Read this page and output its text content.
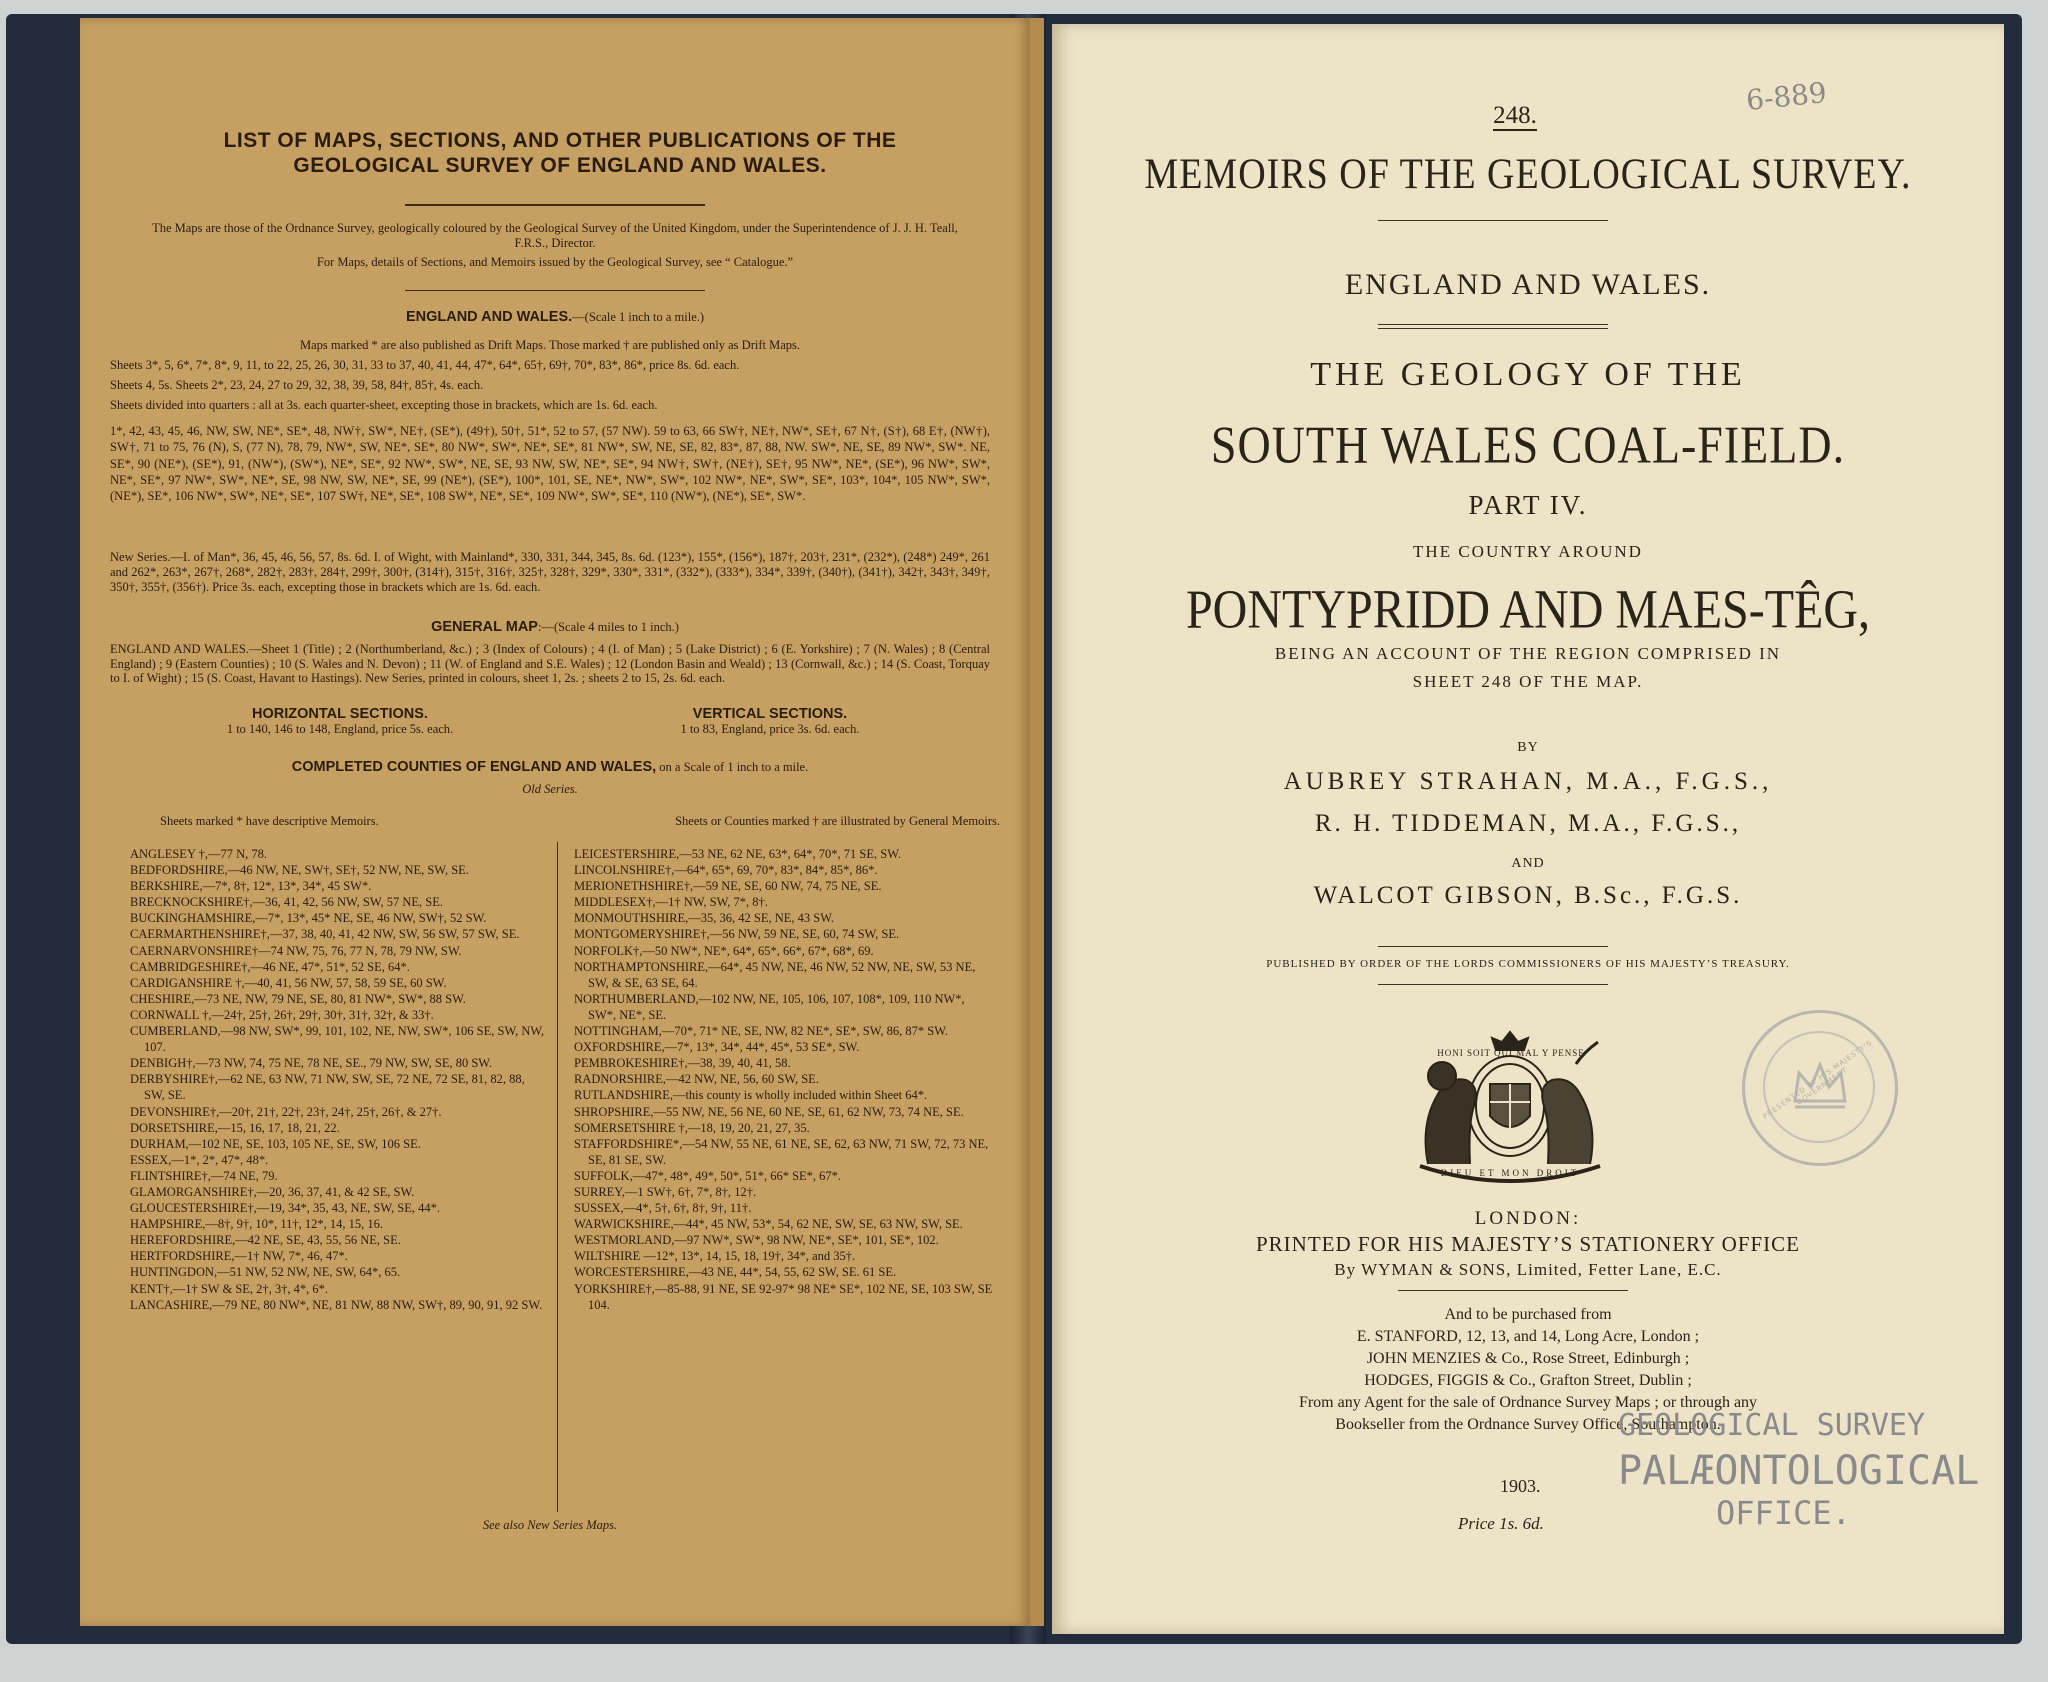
LIST OF MAPS, SECTIONS, AND OTHER PUBLICATIONS OF THE
GEOLOGICAL SURVEY OF ENGLAND AND WALES.
The Maps are those of the Ordnance Survey, geologically coloured by the Geological Survey of the United Kingdom, under the Superintendence of J. J. H. Teall, F.R.S., Director.
For Maps, details of Sections, and Memoirs issued by the Geological Survey, see “ Catalogue.”
ENGLAND AND WALES.—(Scale 1 inch to a mile.)
Maps marked * are also published as Drift Maps. Those marked † are published only as Drift Maps.
Sheets 3*, 5, 6*, 7*, 8*, 9, 11, to 22, 25, 26, 30, 31, 33 to 37, 40, 41, 44, 47*, 64*, 65†, 69†, 70*, 83*, 86*, price 8s. 6d. each.
Sheets 4, 5s. Sheets 2*, 23, 24, 27 to 29, 32, 38, 39, 58, 84†, 85†, 4s. each.
Sheets divided into quarters : all at 3s. each quarter-sheet, excepting those in brackets, which are 1s. 6d. each.
1*, 42, 43, 45, 46, NW, SW, NE*, SE*, 48, NW†, SW*, NE†, (SE*), (49†), 50†, 51*, 52 to 57, (57 NW). 59 to 63, 66 SW†, NE†, NW*, SE†, 67 N†, (S†), 68 E†, (NW†), SW†, 71 to 75, 76 (N), S, (77 N), 78, 79, NW*, SW, NE*, SE*, 80 NW*, SW*, NE*, SE*, 81 NW*, SW, NE, SE, 82, 83*, 87, 88, NW. SW*, NE, SE, 89 NW*, SW*. NE, SE*, 90 (NE*), (SE*), 91, (NW*), (SW*), NE*, SE*, 92 NW*, SW*, NE, SE, 93 NW, SW, NE*, SE*, 94 NW†, SW†, (NE†), SE†, 95 NW*, NE*, (SE*), 96 NW*, SW*, NE*, SE*, 97 NW*, SW*, NE*, SE, 98 NW, SW, NE*, SE, 99 (NE*), (SE*), 100*, 101, SE, NE*, NW*, SW*, 102 NW*, NE*, SW*, SE*, 103*, 104*, 105 NW*, SW*, (NE*), SE*, 106 NW*, SW*, NE*, SE*, 107 SW†, NE*, SE*, 108 SW*, NE*, SE*, 109 NW*, SW*, SE*, 110 (NW*), (NE*), SE*, SW*.
New Series.—I. of Man*, 36, 45, 46, 56, 57, 8s. 6d. I. of Wight, with Mainland*, 330, 331, 344, 345, 8s. 6d. (123*), 155*, (156*), 187†, 203†, 231*, (232*), (248*) 249*, 261 and 262*, 263*, 267†, 268*, 282†, 283†, 284†, 299†, 300†, (314†), 315†, 316†, 325†, 328†, 329*, 330*, 331*, (332*), (333*), 334*, 339†, (340†), (341†), 342†, 343†, 349†, 350†, 355†, (356†). Price 3s. each, excepting those in brackets which are 1s. 6d. each.
GENERAL MAP:—(Scale 4 miles to 1 inch.)
ENGLAND AND WALES.—Sheet 1 (Title) ; 2 (Northumberland, &c.) ; 3 (Index of Colours) ; 4 (I. of Man) ; 5 (Lake District) ; 6 (E. Yorkshire) ; 7 (N. Wales) ; 8 (Central England) ; 9 (Eastern Counties) ; 10 (S. Wales and N. Devon) ; 11 (W. of England and S.E. Wales) ; 12 (London Basin and Weald) ; 13 (Cornwall, &c.) ; 14 (S. Coast, Torquay to I. of Wight) ; 15 (S. Coast, Havant to Hastings). New Series, printed in colours, sheet 1, 2s. ; sheets 2 to 15, 2s. 6d. each.
HORIZONTAL SECTIONS.
1 to 140, 146 to 148, England, price 5s. each.
VERTICAL SECTIONS.
1 to 83, England, price 3s. 6d. each.
COMPLETED COUNTIES OF ENGLAND AND WALES, on a Scale of 1 inch to a mile.
Old Series.
Sheets marked * have descriptive Memoirs.	Sheets or Counties marked † are illustrated by General Memoirs.

ANGLESEY †,—77 N, 78.

BEDFORDSHIRE,—46 NW, NE, SW†, SE†, 52 NW, NE, SW, SE.

BERKSHIRE,—7*, 8†, 12*, 13*, 34*, 45 SW*.

BRECKNOCKSHIRE†,—36, 41, 42, 56 NW, SW, 57 NE, SE.

BUCKINGHAMSHIRE,—7*, 13*, 45* NE, SE, 46 NW, SW†, 52 SW.

CAERMARTHENSHIRE†,—37, 38, 40, 41, 42 NW, SW, 56 SW, 57 SW, SE.

CAERNARVONSHIRE†—74 NW, 75, 76, 77 N, 78, 79 NW, SW.

CAMBRIDGESHIRE†,—46 NE, 47*, 51*, 52 SE, 64*.

CARDIGANSHIRE †,—40, 41, 56 NW, 57, 58, 59 SE, 60 SW.

CHESHIRE,—73 NE, NW, 79 NE, SE, 80, 81 NW*, SW*, 88 SW.

CORNWALL †,—24†, 25†, 26†, 29†, 30†, 31†, 32†, & 33†.

CUMBERLAND,—98 NW, SW*, 99, 101, 102, NE, NW, SW*, 106 SE, SW, NW, 107.

DENBIGH†,—73 NW, 74, 75 NE, 78 NE, SE., 79 NW, SW, SE, 80 SW.

DERBYSHIRE†,—62 NE, 63 NW, 71 NW, SW, SE, 72 NE, 72 SE, 81, 82, 88, SW, SE.

DEVONSHIRE†,—20†, 21†, 22†, 23†, 24†, 25†, 26†, & 27†.

DORSETSHIRE,—15, 16, 17, 18, 21, 22.

DURHAM,—102 NE, SE, 103, 105 NE, SE, SW, 106 SE.

ESSEX,—1*, 2*, 47*, 48*.

FLINTSHIRE†,—74 NE, 79.

GLAMORGANSHIRE†,—20, 36, 37, 41, & 42 SE, SW.

GLOUCESTERSHIRE†,—19, 34*, 35, 43, NE, SW, SE, 44*.

HAMPSHIRE,—8†, 9†, 10*, 11†, 12*, 14, 15, 16.

HEREFORDSHIRE,—42 NE, SE, 43, 55, 56 NE, SE.

HERTFORDSHIRE,—1† NW, 7*, 46, 47*.

HUNTINGDON,—51 NW, 52 NW, NE, SW, 64*, 65.

KENT†,—1† SW & SE, 2†, 3†, 4*, 6*.

LANCASHIRE,—79 NE, 80 NW*, NE, 81 NW, 88 NW, SW†, 89, 90, 91, 92 SW.

LEICESTERSHIRE,—53 NE, 62 NE, 63*, 64*, 70*, 71 SE, SW.

LINCOLNSHIRE†,—64*, 65*, 69, 70*, 83*, 84*, 85*, 86*.

MERIONETHSHIRE†,—59 NE, SE, 60 NW, 74, 75 NE, SE.

MIDDLESEX†,—1† NW, SW, 7*, 8†.

MONMOUTHSHIRE,—35, 36, 42 SE, NE, 43 SW.

MONTGOMERYSHIRE†,—56 NW, 59 NE, SE, 60, 74 SW, SE.

NORFOLK†,—50 NW*, NE*, 64*, 65*, 66*, 67*, 68*, 69.

NORTHAMPTONSHIRE,—64*, 45 NW, NE, 46 NW, 52 NW, NE, SW, 53 NE, SW, & SE, 63 SE, 64.

NORTHUMBERLAND,—102 NW, NE, 105, 106, 107, 108*, 109, 110 NW*, SW*, NE*, SE.

NOTTINGHAM,—70*, 71* NE, SE, NW, 82 NE*, SE*, SW, 86, 87* SW.

OXFORDSHIRE,—7*, 13*, 34*, 44*, 45*, 53 SE*, SW.

PEMBROKESHIRE†,—38, 39, 40, 41, 58.

RADNORSHIRE,—42 NW, NE, 56, 60 SW, SE.

RUTLANDSHIRE,—this county is wholly included within Sheet 64*.

SHROPSHIRE,—55 NW, NE, 56 NE, 60 NE, SE, 61, 62 NW, 73, 74 NE, SE.

SOMERSETSHIRE †,—18, 19, 20, 21, 27, 35.

STAFFORDSHIRE*,—54 NW, 55 NE, 61 NE, SE, 62, 63 NW, 71 SW, 72, 73 NE, SE, 81 SE, SW.

SUFFOLK,—47*, 48*, 49*, 50*, 51*, 66* SE*, 67*.

SURREY,—1 SW†, 6†, 7*, 8†, 12†.

SUSSEX,—4*, 5†, 6†, 8†, 9†, 11†.

WARWICKSHIRE,—44*, 45 NW, 53*, 54, 62 NE, SW, SE, 63 NW, SW, SE.

WESTMORLAND,—97 NW*, SW*, 98 NW, NE*, SE*, 101, SE*, 102.

WILTSHIRE —12*, 13*, 14, 15, 18, 19†, 34*, and 35†.

WORCESTERSHIRE,—43 NE, 44*, 54, 55, 62 SW, SE. 61 SE.

YORKSHIRE†,—85-88, 91 NE, SE 92-97* 98 NE* SE*, 102 NE, SE, 103 SW, SE 104.

See also New Series Maps.
248.	6-889
MEMOIRS OF THE GEOLOGICAL SURVEY.
ENGLAND AND WALES.
THE GEOLOGY OF THE
SOUTH WALES COAL-FIELD.
PART IV.
THE COUNTRY AROUND
PONTYPRIDD AND MAES-TÊG,
BEING AN ACCOUNT OF THE REGION COMPRISED IN
SHEET 248 OF THE MAP.
BY
AUBREY STRAHAN, M.A., F.G.S.,
R. H. TIDDEMAN, M.A., F.G.S.,
AND
WALCOT GIBSON, B.Sc., F.G.S.
PUBLISHED BY ORDER OF THE LORDS COMMISSIONERS OF HIS MAJESTY’S TREASURY.
HONI SOIT QUI MAL Y PENSE
DIEU ET MON DROIT
LONDON:
PRINTED FOR HIS MAJESTY’S STATIONERY OFFICE
By WYMAN & SONS, Limited, Fetter Lane, E.C.
And to be purchased from
E. STANFORD, 12, 13, and 14, Long Acre, London ;
JOHN MENZIES & Co., Rose Street, Edinburgh ;
HODGES, FIGGIS & Co., Grafton Street, Dublin ;
From any Agent for the sale of Ordnance Survey Maps ; or through any
Bookseller from the Ordnance Survey Office, Southampton.
1903.
Price 1s. 6d.
GEOLOGICAL SURVEY
PALÆONTOLOGICAL
OFFICE.
PRESENTED BY HIS MAJESTY'S GOVERNMENT
